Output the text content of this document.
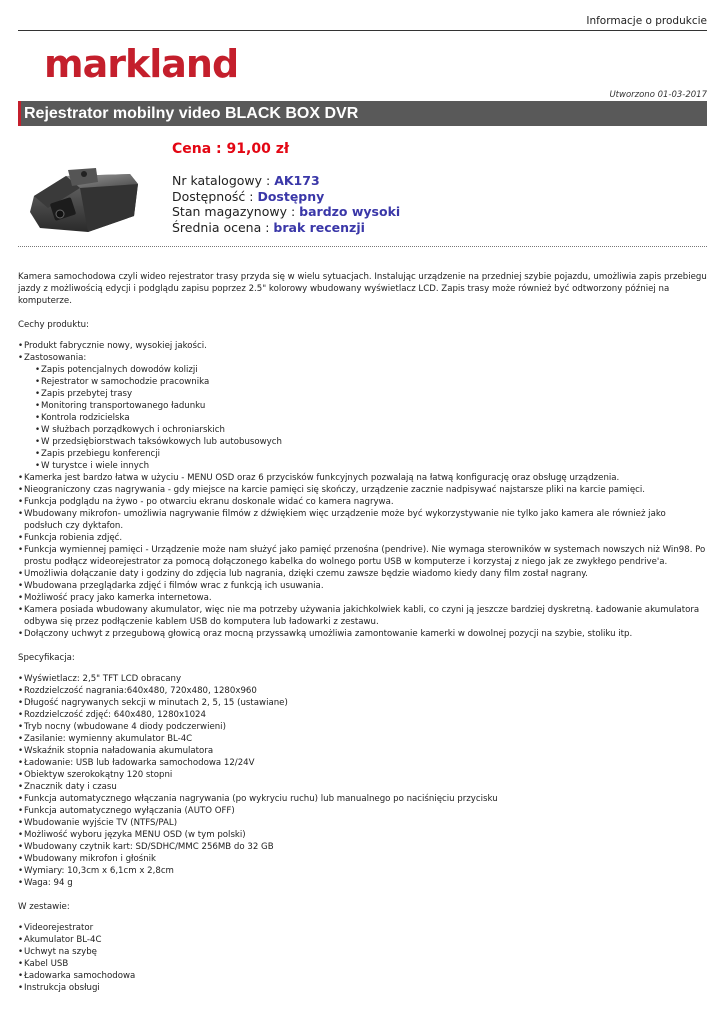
Informacje o produkcie
markland
Utworzono 01-03-2017
Rejestrator mobilny video BLACK BOX DVR
Cena : 91,00 zł
Nr katalogowy : AK173
Dostępność : Dostępny
Stan magazynowy : bardzo wysoki
Średnia ocena : brak recenzji

Kamera samochodowa czyli wideo rejestrator trasy przyda się w wielu sytuacjach. Instalując urządzenie na przedniej szybie pojazdu, umożliwia zapis przebiegu jazdy z możliwością edycji i podglądu zapisu poprzez 2.5" kolorowy wbudowany wyświetlacz LCD. Zapis trasy może również być odtworzony później na komputerze.

Cechy produktu:

• Produkt fabrycznie nowy, wysokiej jakości.
• Zastosowania:
• Zapis potencjalnych dowodów kolizji
• Rejestrator w samochodzie pracownika
• Zapis przebytej trasy
• Monitoring transportowanego ładunku
• Kontrola rodzicielska
• W służbach porządkowych i ochroniarskich
• W przedsiębiorstwach taksówkowych lub autobusowych
• Zapis przebiegu konferencji
• W turystce i wiele innych
• Kamerka jest bardzo łatwa w użyciu - MENU OSD oraz 6 przycisków funkcyjnych pozwalają na łatwą konfigurację oraz obsługę urządzenia.
• Nieograniczony czas nagrywania - gdy miejsce na karcie pamięci się skończy, urządzenie zacznie nadpisywać najstarsze pliki na karcie pamięci.
• Funkcja podglądu na żywo - po otwarciu ekranu doskonale widać co kamera nagrywa.
• Wbudowany mikrofon- umożliwia nagrywanie filmów z dźwiękiem więc urządzenie może być wykorzystywanie nie tylko jako kamera ale również jako podsłuch czy dyktafon.
• Funkcja robienia zdjęć.
• Funkcja wymiennej pamięci - Urządzenie może nam służyć jako pamięć przenośna (pendrive). Nie wymaga sterowników w systemach nowszych niż Win98. Po prostu podłącz wideorejestrator za pomocą dołączonego kabelka do wolnego portu USB w komputerze i korzystaj z niego jak ze zwykłego pendrive'a.
• Umożliwia dołączanie daty i godziny do zdjęcia lub nagrania, dzięki czemu zawsze będzie wiadomo kiedy dany film został nagrany.
• Wbudowana przeglądarka zdjęć i filmów wrac z funkcją ich usuwania.
• Możliwość pracy jako kamerka internetowa.
• Kamera posiada wbudowany akumulator, więc nie ma potrzeby używania jakichkolwiek kabli, co czyni ją jeszcze bardziej dyskretną. Ładowanie akumulatora odbywa się przez podłączenie kablem USB do komputera lub ładowarki z zestawu.
• Dołączony uchwyt z przegubową głowicą oraz mocną przyssawką umożliwia zamontowanie kamerki w dowolnej pozycji na szybie, stoliku itp.

Specyfikacja:

• Wyświetlacz: 2,5" TFT LCD obracany
• Rozdzielczość nagrania:640x480, 720x480, 1280x960
• Długość nagrywanych sekcji w minutach 2, 5, 15 (ustawiane)
• Rozdzielczość zdjęć: 640x480, 1280x1024
• Tryb nocny (wbudowane 4 diody podczerwieni)
• Zasilanie: wymienny akumulator BL-4C
• Wskaźnik stopnia naładowania akumulatora
• Ładowanie: USB lub ładowarka samochodowa 12/24V
• Obiektyw szerokokątny 120 stopni
• Znacznik daty i czasu
• Funkcja automatycznego włączania nagrywania (po wykryciu ruchu) lub manualnego po naciśnięciu przycisku
• Funkcja automatycznego wyłączania (AUTO OFF)
• Wbudowanie wyjście TV (NTFS/PAL)
• Możliwość wyboru języka MENU OSD (w tym polski)
• Wbudowany czytnik kart: SD/SDHC/MMC 256MB do 32 GB
• Wbudowany mikrofon i głośnik
• Wymiary: 10,3cm x 6,1cm x 2,8cm
• Waga: 94 g

W zestawie:

• Videorejestrator
• Akumulator BL-4C
• Uchwyt na szybę
• Kabel USB
• Ładowarka samochodowa
• Instrukcja obsługi
